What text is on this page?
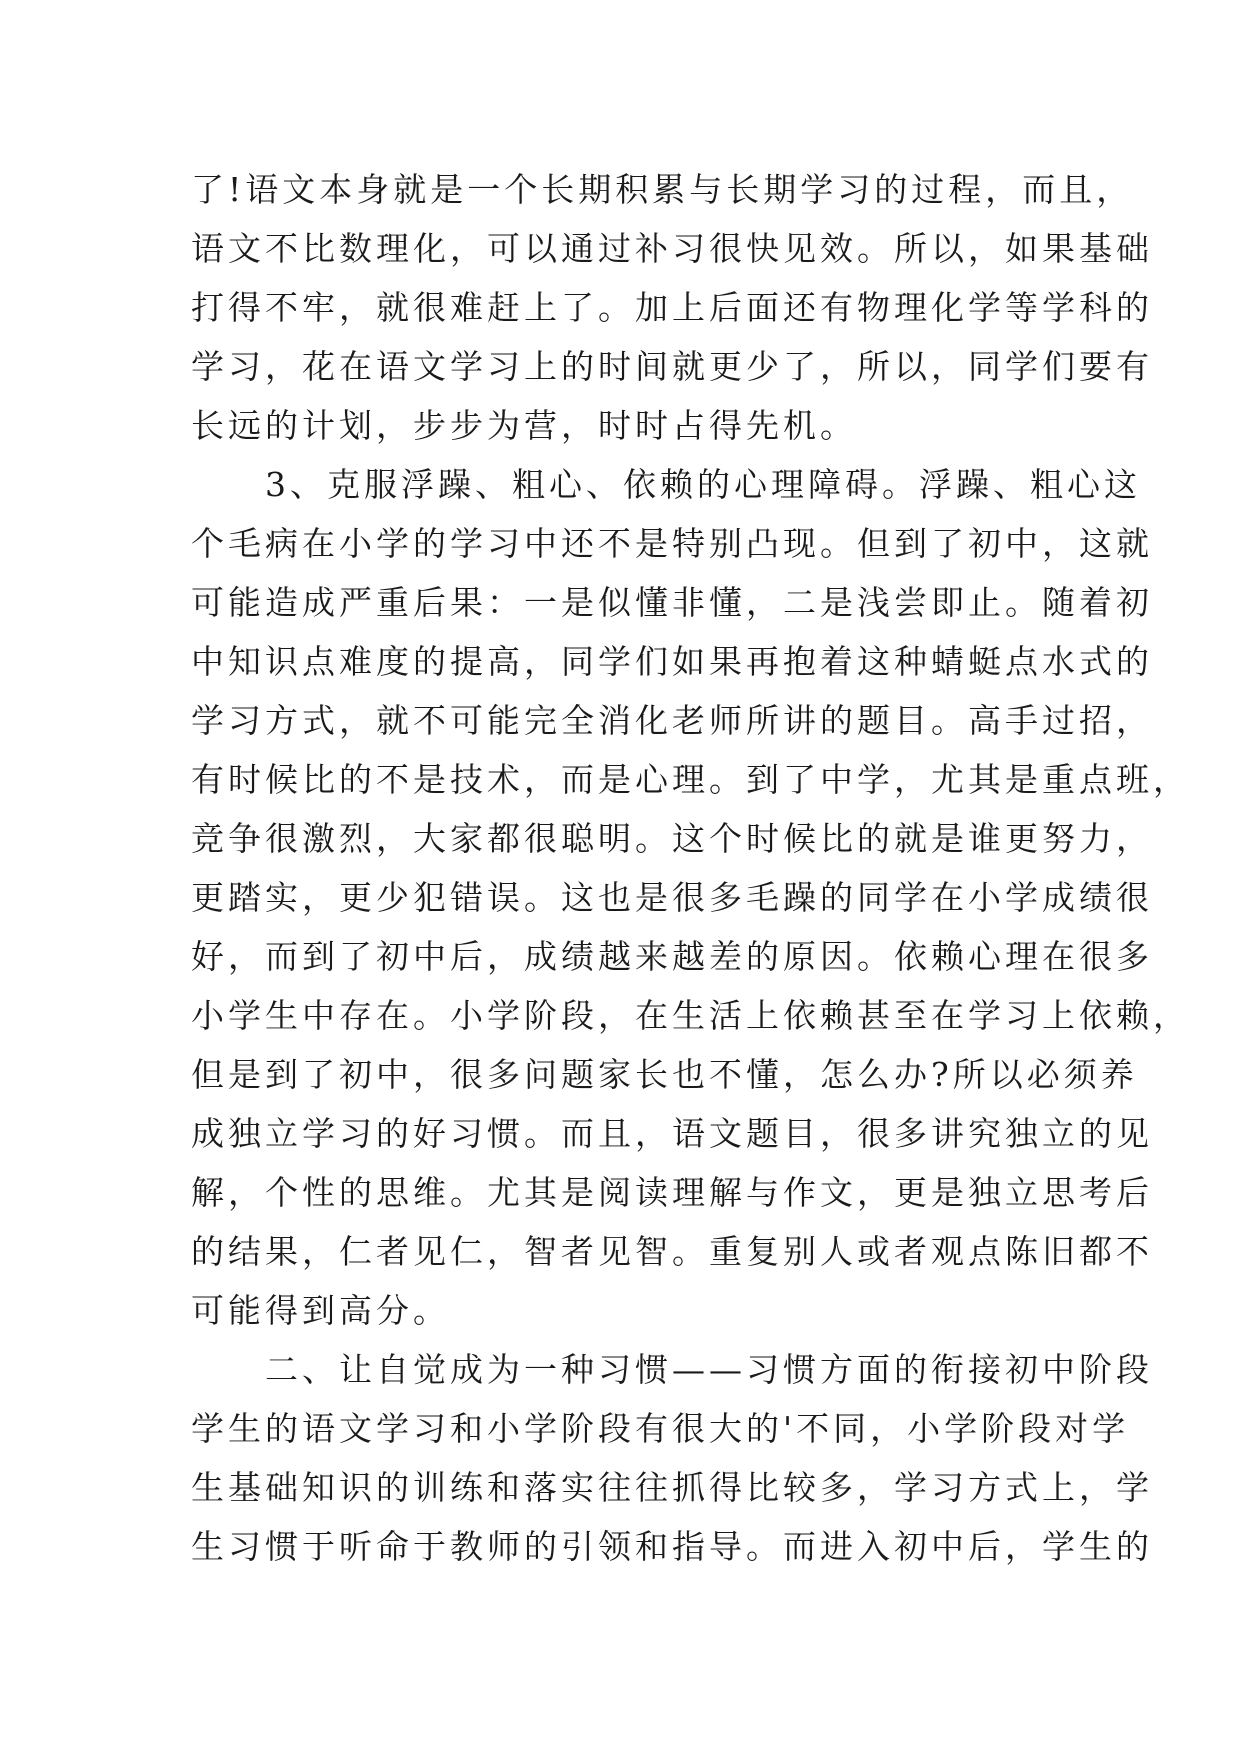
了!语文本身就是一个长期积累与长期学习的过程，而且，
语文不比数理化，可以通过补习很快见效。所以，如果基础
打得不牢，就很难赶上了。加上后面还有物理化学等学科的
学习，花在语文学习上的时间就更少了，所以，同学们要有
长远的计划，步步为营，时时占得先机。
　　3、克服浮躁、粗心、依赖的心理障碍。浮躁、粗心这
个毛病在小学的学习中还不是特别凸现。但到了初中，这就
可能造成严重后果：一是似懂非懂，二是浅尝即止。随着初
中知识点难度的提高，同学们如果再抱着这种蜻蜓点水式的
学习方式，就不可能完全消化老师所讲的题目。高手过招，
有时候比的不是技术，而是心理。到了中学，尤其是重点班，
竞争很激烈，大家都很聪明。这个时候比的就是谁更努力，
更踏实，更少犯错误。这也是很多毛躁的同学在小学成绩很
好，而到了初中后，成绩越来越差的原因。依赖心理在很多
小学生中存在。小学阶段，在生活上依赖甚至在学习上依赖，
但是到了初中，很多问题家长也不懂，怎么办?所以必须养
成独立学习的好习惯。而且，语文题目，很多讲究独立的见
解，个性的思维。尤其是阅读理解与作文，更是独立思考后
的结果，仁者见仁，智者见智。重复别人或者观点陈旧都不
可能得到高分。
　　二、让自觉成为一种习惯——习惯方面的衔接初中阶段
学生的语文学习和小学阶段有很大的'不同，小学阶段对学
生基础知识的训练和落实往往抓得比较多，学习方式上，学
生习惯于听命于教师的引领和指导。而进入初中后，学生的
